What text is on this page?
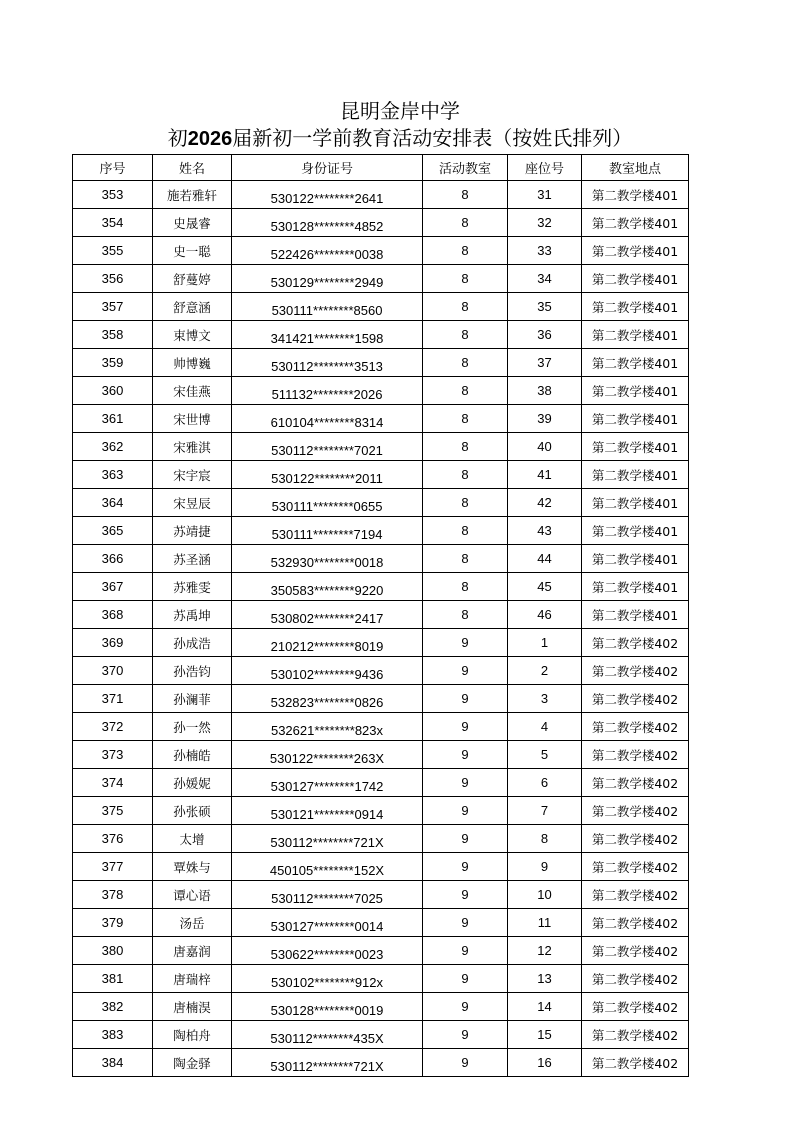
昆明金岸中学
初2026届新初一学前教育活动安排表（按姓氏排列）
序号	姓名	身份证号	活动教室	座位号	教室地点
353	施若雅轩	530122********2641	8	31	第二教学楼401
354	史晟睿	530128********4852	8	32	第二教学楼401
355	史一聪	522426********0038	8	33	第二教学楼401
356	舒蔓婷	530129********2949	8	34	第二教学楼401
357	舒意涵	530111********8560	8	35	第二教学楼401
358	束博文	341421********1598	8	36	第二教学楼401
359	帅博巍	530112********3513	8	37	第二教学楼401
360	宋佳燕	511132********2026	8	38	第二教学楼401
361	宋世博	610104********8314	8	39	第二教学楼401
362	宋雅淇	530112********7021	8	40	第二教学楼401
363	宋宇宸	530122********2011	8	41	第二教学楼401
364	宋昱辰	530111********0655	8	42	第二教学楼401
365	苏靖捷	530111********7194	8	43	第二教学楼401
366	苏圣涵	532930********0018	8	44	第二教学楼401
367	苏雅雯	350583********9220	8	45	第二教学楼401
368	苏禹坤	530802********2417	8	46	第二教学楼401
369	孙成浩	210212********8019	9	1	第二教学楼402
370	孙浩钧	530102********9436	9	2	第二教学楼402
371	孙澜菲	532823********0826	9	3	第二教学楼402
372	孙一然	532621********823x	9	4	第二教学楼402
373	孙楠皓	530122********263X	9	5	第二教学楼402
374	孙媛妮	530127********1742	9	6	第二教学楼402
375	孙张硕	530121********0914	9	7	第二教学楼402
376	太增	530112********721X	9	8	第二教学楼402
377	覃姝与	450105********152X	9	9	第二教学楼402
378	谭心语	530112********7025	9	10	第二教学楼402
379	汤岳	530127********0014	9	11	第二教学楼402
380	唐嘉润	530622********0023	9	12	第二教学楼402
381	唐瑞梓	530102********912x	9	13	第二教学楼402
382	唐楠淏	530128********0019	9	14	第二教学楼402
383	陶柏舟	530112********435X	9	15	第二教学楼402
384	陶金驿	530112********721X	9	16	第二教学楼402
